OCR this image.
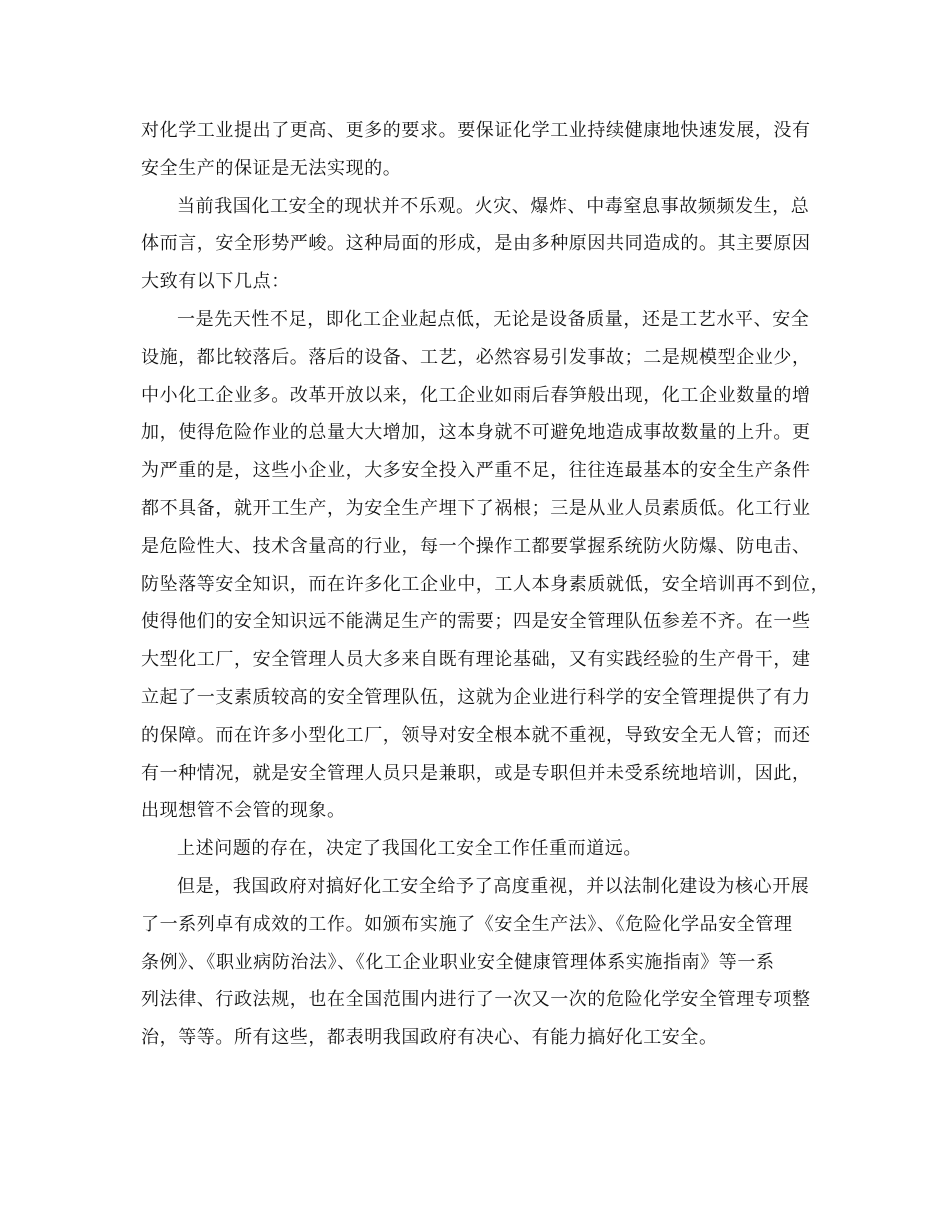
对化学工业提出了更高、更多的要求。要保证化学工业持续健康地快速发展，没有
安全生产的保证是无法实现的。
当前我国化工安全的现状并不乐观。火灾、爆炸、中毒窒息事故频频发生，总
体而言，安全形势严峻。这种局面的形成，是由多种原因共同造成的。其主要原因
大致有以下几点：
一是先天性不足，即化工企业起点低，无论是设备质量，还是工艺水平、安全
设施，都比较落后。落后的设备、工艺，必然容易引发事故；二是规模型企业少，
中小化工企业多。改革开放以来，化工企业如雨后春笋般出现，化工企业数量的增
加，使得危险作业的总量大大增加，这本身就不可避免地造成事故数量的上升。更
为严重的是，这些小企业，大多安全投入严重不足，往往连最基本的安全生产条件
都不具备，就开工生产，为安全生产埋下了祸根；三是从业人员素质低。化工行业
是危险性大、技术含量高的行业，每一个操作工都要掌握系统防火防爆、防电击、
防坠落等安全知识，而在许多化工企业中，工人本身素质就低，安全培训再不到位，
使得他们的安全知识远不能满足生产的需要；四是安全管理队伍参差不齐。在一些
大型化工厂，安全管理人员大多来自既有理论基础，又有实践经验的生产骨干，建
立起了一支素质较高的安全管理队伍，这就为企业进行科学的安全管理提供了有力
的保障。而在许多小型化工厂，领导对安全根本就不重视，导致安全无人管；而还
有一种情况，就是安全管理人员只是兼职，或是专职但并未受系统地培训，因此，
出现想管不会管的现象。
上述问题的存在，决定了我国化工安全工作任重而道远。
但是，我国政府对搞好化工安全给予了高度重视，并以法制化建设为核心开展
了一系列卓有成效的工作。如颁布实施了《安全生产法》、《危险化学品安全管理
条例》、《职业病防治法》、《化工企业职业安全健康管理体系实施指南》等一系
列法律、行政法规，也在全国范围内进行了一次又一次的危险化学安全管理专项整
治，等等。所有这些，都表明我国政府有决心、有能力搞好化工安全。
